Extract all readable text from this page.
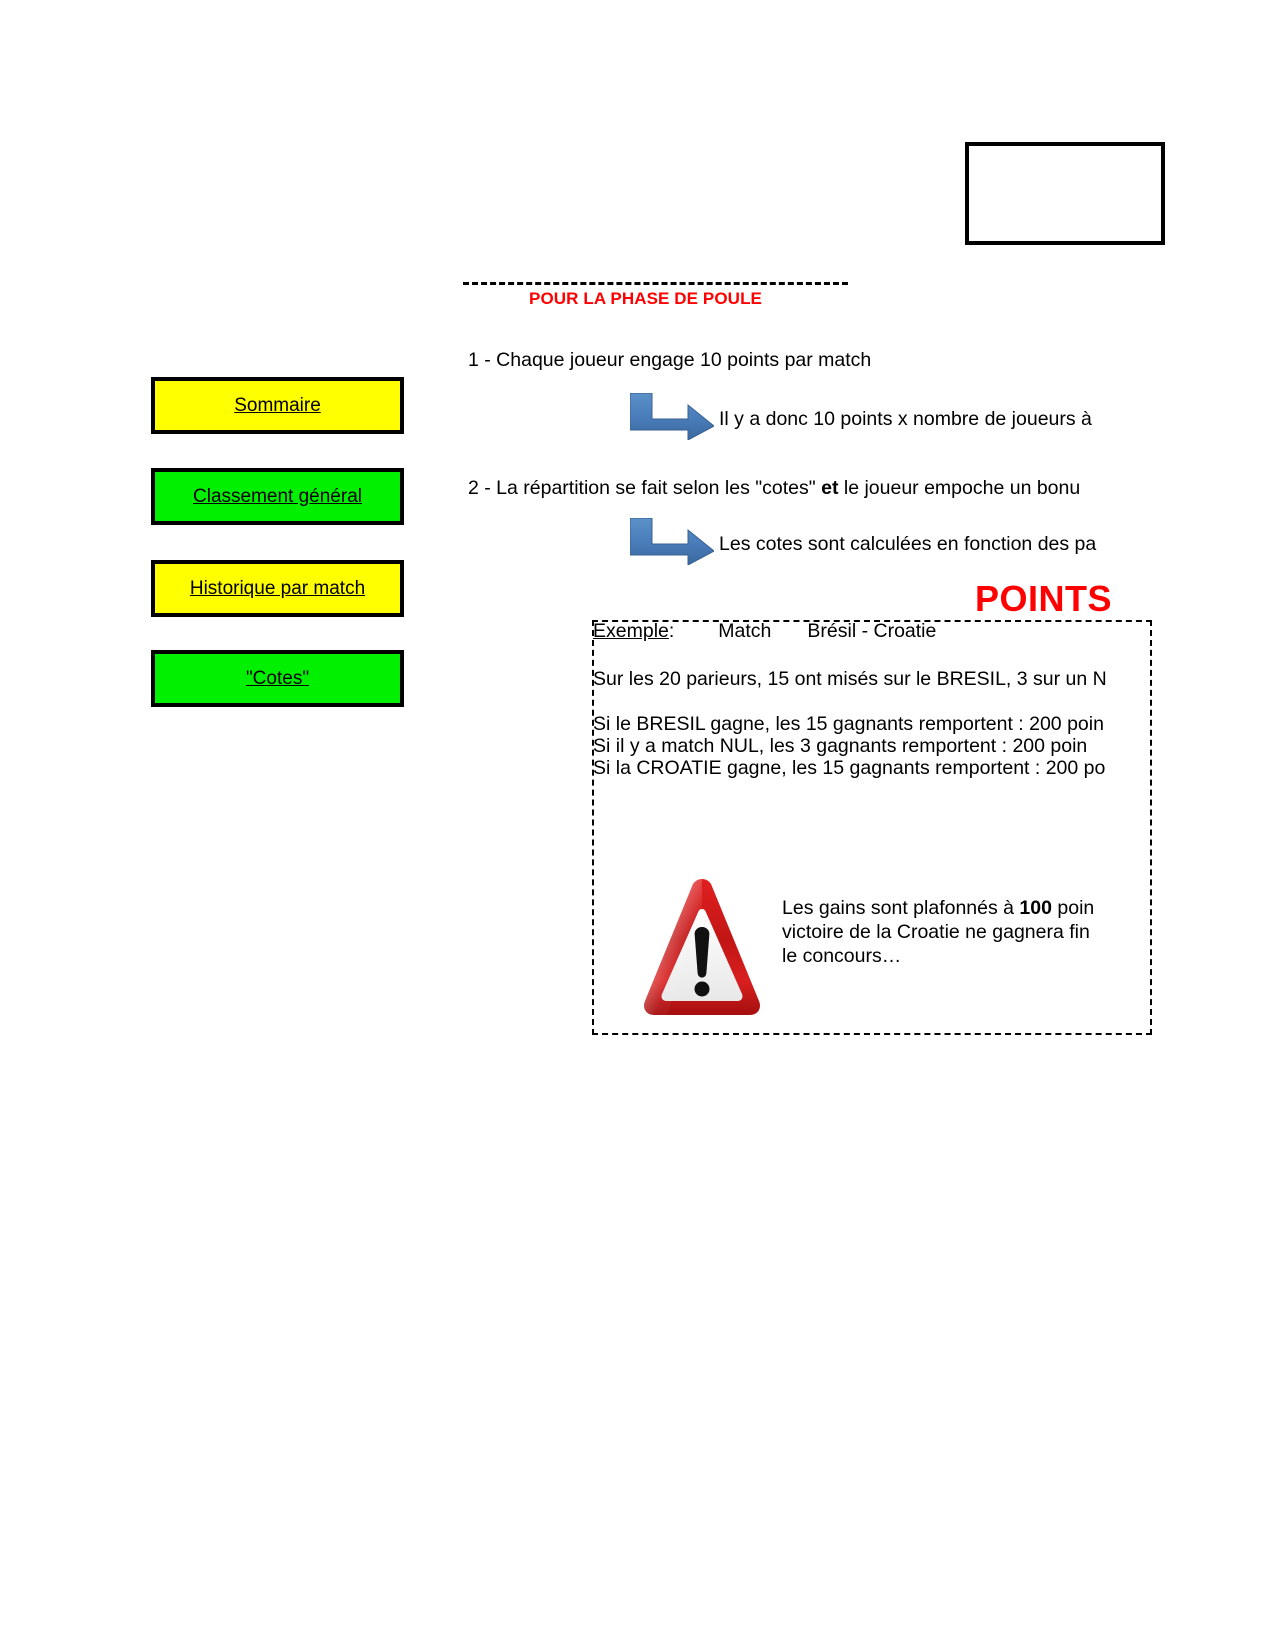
Sommaire
Classement général
Historique par match
"Cotes"
POUR LA PHASE DE POULE
1 - Chaque joueur engage 10 points par match
Il y a donc 10 points x nombre de joueurs à
2 - La répartition se fait selon les "cotes" et le joueur empoche un bonu
Les cotes sont calculées en fonction des pa
POINTS
Exemple: Match Brésil - Croatie
Sur les 20 parieurs, 15 ont misés sur le BRESIL, 3 sur un N
Si le BRESIL gagne, les 15 gagnants remportent : 200 poin
Si il y a match NUL, les 3 gagnants remportent : 200 poin
Si la CROATIE gagne, les 15 gagnants remportent : 200 po
Les gains sont plafonnés à 100 poin
victoire de la Croatie ne gagnera fin
le concours…
